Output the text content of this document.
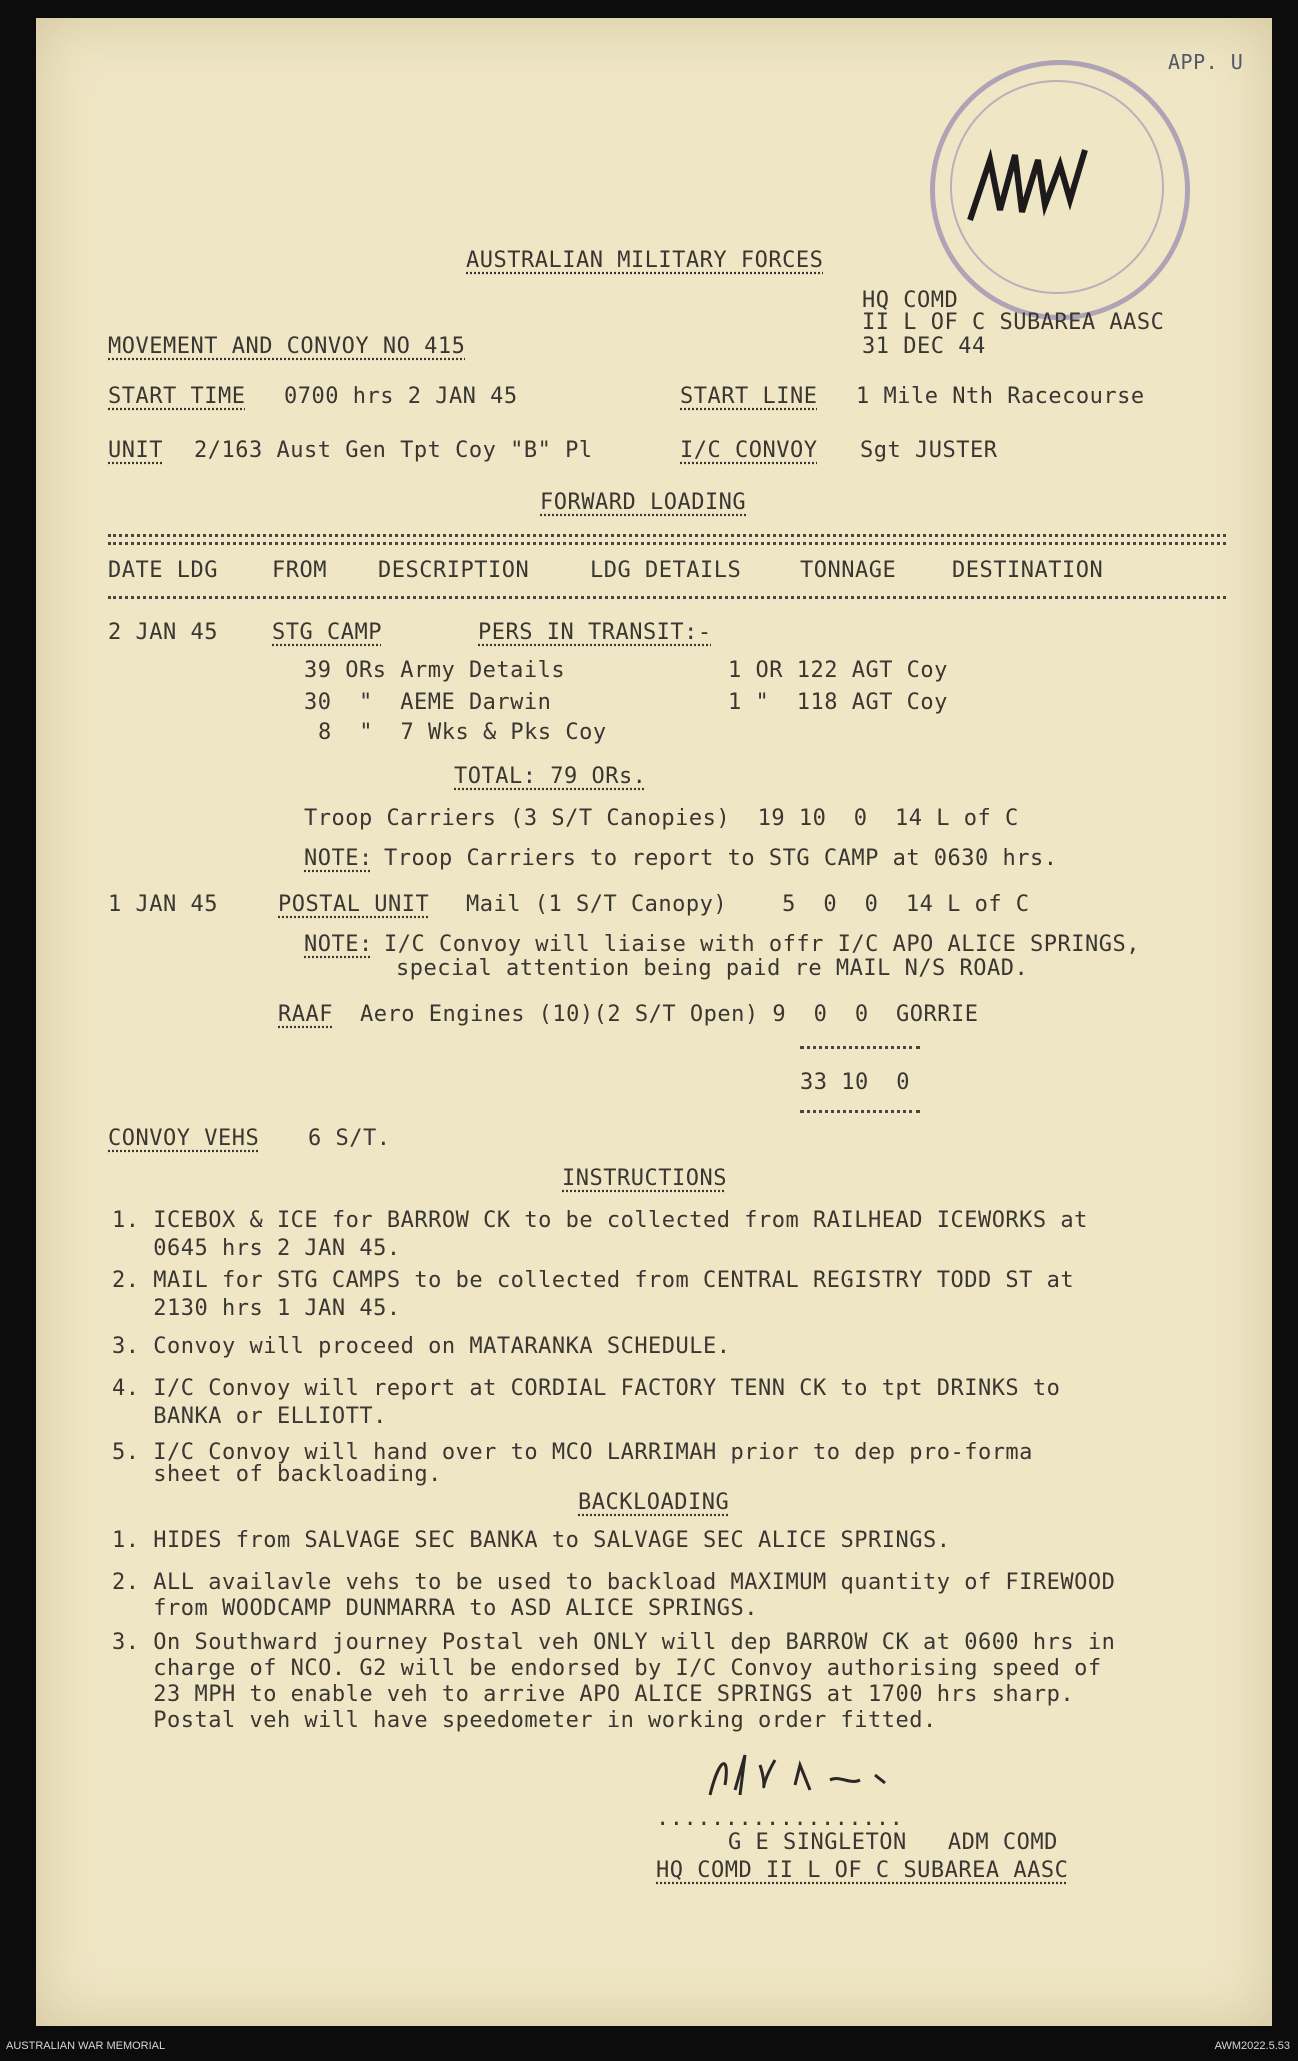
APP. U
AUSTRALIAN MILITARY FORCES
HQ COMD
II L OF C SUBAREA AASC
31 DEC 44
MOVEMENT AND CONVOY NO 415
START TIME 0700 hrs 2 JAN 45	START LINE 1 Mile Nth Racecourse
UNIT 2/163 Aust Gen Tpt Coy "B" Pl	I/C CONVOY Sgt JUSTER
FORWARD LOADING
DATE LDG FROM DESCRIPTION	LDG DETAILS	TONNAGE	DESTINATION
2 JAN 45 STG CAMP	PERS IN TRANSIT:-
39 ORs Army Details	1 OR 122 AGT Coy
30  "  AEME Darwin	1 "  118 AGT Coy
8  "  7 Wks & Pks Coy
TOTAL: 79 ORs.
Troop Carriers (3 S/T Canopies)  19 10  0  14 L of C
NOTE: Troop Carriers to report to STG CAMP at 0630 hrs.
1 JAN 45	POSTAL UNIT Mail (1 S/T Canopy)    5  0  0  14 L of C
NOTE: I/C Convoy will liaise with offr I/C APO ALICE SPRINGS,
special attention being paid re MAIL N/S ROAD.
RAAF Aero Engines (10)(2 S/T Open) 9  0  0  GORRIE
33 10  0
CONVOY VEHS 6 S/T.
INSTRUCTIONS
1. ICEBOX & ICE for BARROW CK to be collected from RAILHEAD ICEWORKS at
0645 hrs 2 JAN 45.
2. MAIL for STG CAMPS to be collected from CENTRAL REGISTRY TODD ST at
2130 hrs 1 JAN 45.
3. Convoy will proceed on MATARANKA SCHEDULE.
4. I/C Convoy will report at CORDIAL FACTORY TENN CK to tpt DRINKS to
BANKA or ELLIOTT.
5. I/C Convoy will hand over to MCO LARRIMAH prior to dep pro-forma
sheet of backloading.
BACKLOADING
1. HIDES from SALVAGE SEC BANKA to SALVAGE SEC ALICE SPRINGS.
2. ALL availavle vehs to be used to backload MAXIMUM quantity of FIREWOOD
from WOODCAMP DUNMARRA to ASD ALICE SPRINGS.
3. On Southward journey Postal veh ONLY will dep BARROW CK at 0600 hrs in
charge of NCO. G2 will be endorsed by I/C Convoy authorising speed of
23 MPH to enable veh to arrive APO ALICE SPRINGS at 1700 hrs sharp.
Postal veh will have speedometer in working order fitted.
..................
G E SINGLETON   ADM COMD
HQ COMD II L OF C SUBAREA AASC
AUSTRALIAN WAR MEMORIAL	AWM2022.5.53
